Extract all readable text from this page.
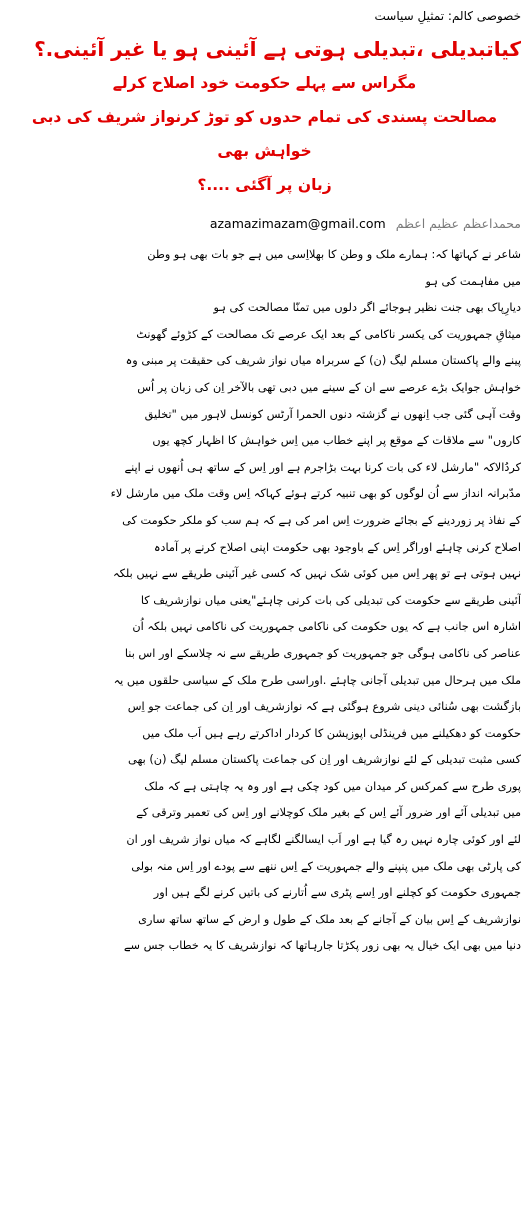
خصوصی کالم: تمثیلِ سیاست
کیاتبدیلی ،تبدیلی ہوتی ہے آئینی ہو یا غیر آئینی.؟
مگراس سے پہلے حکومت خود اصلاح کرلے
مصالحت پسندی کی تمام حدوں کو توڑ کرنواز شریف کی دبی خواہش بھی
زبان پر آگئی ....؟
azamazimazam@gmail.com محمداعظم عظیم اعظم
شاعر نے کہاتھا کہ: ہمارے ملک و وطن کا بھلااِسی میں ہے جو بات بھی ہو وطن
میں مفاہمت کی ہو
دیارِپاک بھی جنت نظیر ہوجائے اگر دلوں میں تمنّا مصالحت کی ہو
میثاقِ جمہوریت کی یکسر ناکامی کے بعد ایک عرصے تک مصالحت کے کڑوئے گھونٹ
پینے والے پاکستان مسلم لیگ (ن) کے سربراہ میاں نواز شریف کی حقیقت پر مبنی وہ
خواہش جوایک بڑے عرصے سے ان کے سینے میں دبی تھی بالآخر اِن کی زبان پر اُس
وقت آہی گئی جب اِنھوں نے گزشتہ دنوں الحمرا آرٹس کونسل لاہور میں "تخلیق
کاروں" سے ملاقات کے موقع پر اپنے خطاب میں اِس خواہش کا اظہار کچھ یوں
کردُالاکہ "مارشل لاء کی بات کرنا بہت بڑاجرم ہے اور اِس کے ساتھ ہی اُنھوں نے اپنے
مدّبرانہ انداز سے اُن لوگوں کو بھی تنبیہ کرتے ہوئے کہاکہ اِس وقت ملک میں مارشل لاء
کے نفاذ پر زوردینے کے بجائے ضرورت اِس امر کی ہے کہ ہم سب کو ملکر حکومت کی
اصلاح کرنی چاہئے اوراگر اِس کے باوجود بھی حکومت اپنی اصلاح کرنے پر آمادہ
نہیں ہوتی ہے تو پھر اِس میں کوئی شک نہیں کہ کسی غیر آئینی طریقے سے نہیں بلکہ
آئینی طریقے سے حکومت کی تبدیلی کی بات کرنی چاہئے"یعنی میاں نوازشریف کا
اشارہ اس جانب ہے کہ یوں حکومت کی ناکامی جمہوریت کی ناکامی نہیں بلکہ اُن
عناصر کی ناکامی ہوگی جو جمہوریت کو جمہوری طریقے سے نہ چلاسکے اور اس بنا
ملک میں ہرحال میں تبدیلی آجانی چاہئے .اوراسی طرح ملک کے سیاسی حلقوں میں یہ
بازگشت بھی سُنائی دینی شروع ہوگئی ہے کہ نوازشریف اور اِن کی جماعت جو اِس
حکومت کو دھکیلنے میں فرینڈلی اپوزیشن کا کردار اداکرتے رہے ہیں اَب ملک میں
کسی مثبت تبدیلی کے لئے نوازشریف اور اِن کی جماعت پاکستان مسلم لیگ (ن) بھی
پوری طرح سے کمرکس کر میدان میں کود چکی ہے اور وہ یہ چاہتی ہے کہ ملک
میں تبدیلی آئے اور ضرور آئے اِس کے بغیر ملک کوچلانے اور اِس کی تعمیر وترقی کے
لئے اور کوئی چارہ نہیں رہ گیا ہے اور اَب ایسالگنے لگاہے کہ میاں نواز شریف اور ان
کی پارٹی بھی ملک میں پنپنے والے جمہوریت کے اِس ننھے سے پودے اور اِس منہ بولی
جمہوری حکومت کو کچلنے اور اِسے پٹری سے اُتارنے کی باتیں کرنے لگے ہیں اور
نوازشریف کے اِس بیان کے آجانے کے بعد ملک کے طول و ارض کے ساتھ ساتھ ساری
دنیا میں بھی ایک خیال یہ بھی زور پکڑتا جارہاتھا کہ نوازشریف کا یہ خطاب جس سے
